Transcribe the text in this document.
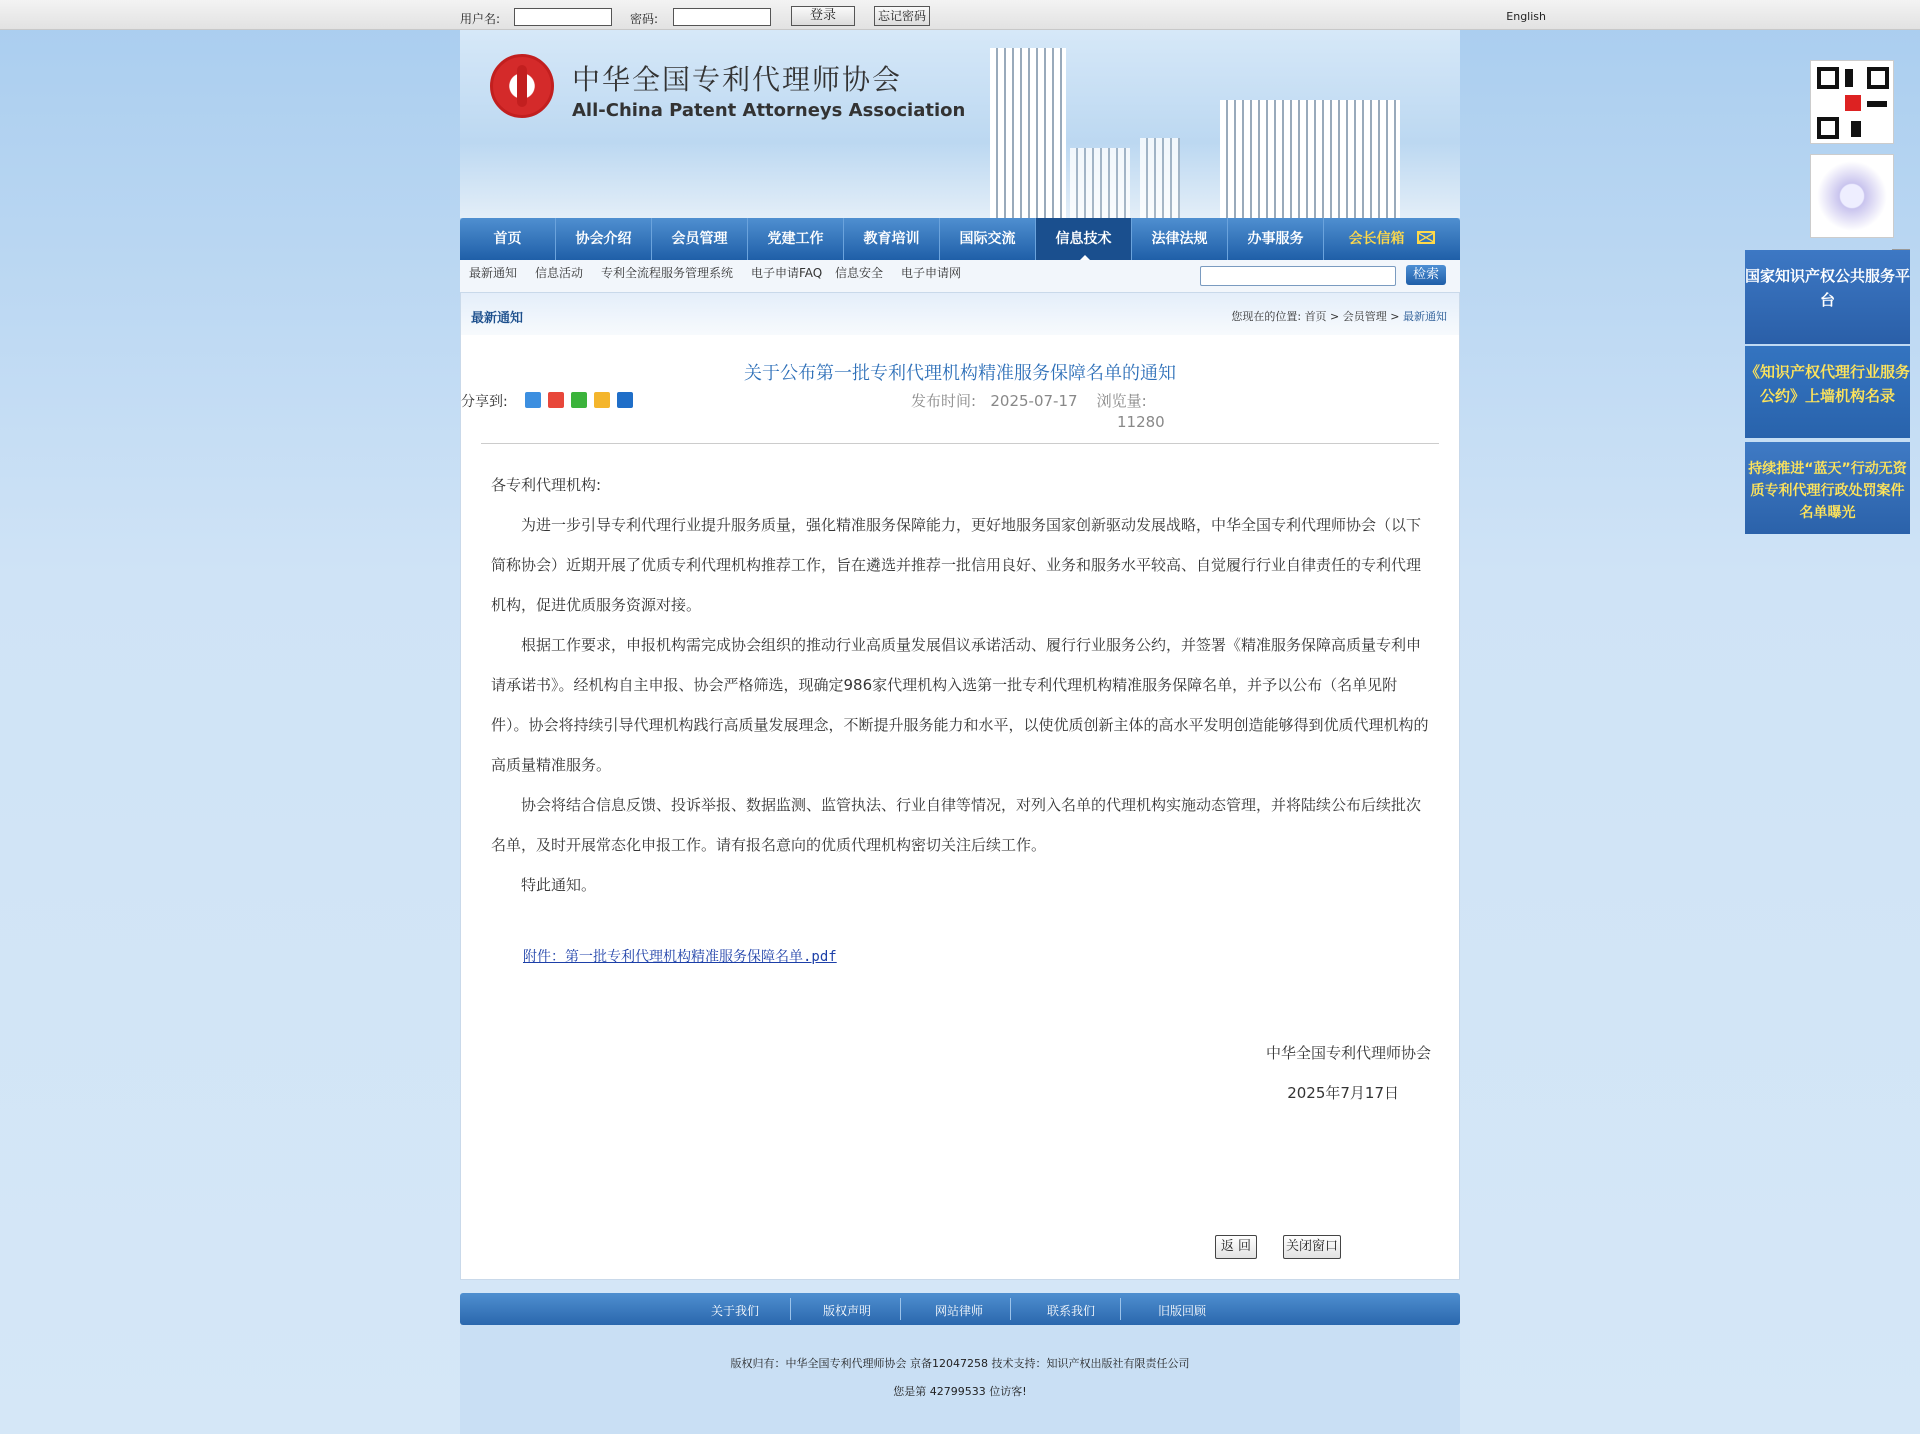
用户名:	密码:	登录	忘记密码	English
中华全国专利代理师协会
All-China Patent Attorneys Association
首页	协会介绍	会员管理	党建工作	教育培训	国际交流	信息技术	法律法规	办事服务	会长信箱
最新通知 信息活动 专利全流程服务管理系统 电子申请FAQ 信息安全 电子申请网	检索
最新通知	您现在的位置: 首页 > 会员管理 > 最新通知
关于公布第一批专利代理机构精准服务保障名单的通知
分享到:	发布时间: 2025-07-17 浏览量:
11280

各专利代理机构:

为进一步引导专利代理行业提升服务质量，强化精准服务保障能力，更好地服务国家创新驱动发展战略，中华全国专利代理师协会（以下简称协会）近期开展了优质专利代理机构推荐工作，旨在遴选并推荐一批信用良好、业务和服务水平较高、自觉履行行业自律责任的专利代理机构，促进优质服务资源对接。

根据工作要求，申报机构需完成协会组织的推动行业高质量发展倡议承诺活动、履行行业服务公约，并签署《精准服务保障高质量专利申请承诺书》。经机构自主申报、协会严格筛选，现确定986家代理机构入选第一批专利代理机构精准服务保障名单，并予以公布（名单见附件）。协会将持续引导代理机构践行高质量发展理念，不断提升服务能力和水平，以使优质创新主体的高水平发明创造能够得到优质代理机构的高质量精准服务。

协会将结合信息反馈、投诉举报、数据监测、监管执法、行业自律等情况，对列入名单的代理机构实施动态管理，并将陆续公布后续批次名单，及时开展常态化申报工作。请有报名意向的优质代理机构密切关注后续工作。

特此通知。

附件：第一批专利代理机构精准服务保障名单.pdf
中华全国专利代理师协会
2025年7月17日
返 回	关闭窗口
关于我们	版权声明	网站律师	联系我们	旧版回顾
版权归有：中华全国专利代理师协会 京备12047258 技术支持：知识产权出版社有限责任公司
您是第 42799533 位访客!
国家知识产权公共服务平台
《知识产权代理行业服务公约》上墙机构名录
持续推进“蓝天”行动无资质专利代理行政处罚案件名单曝光
